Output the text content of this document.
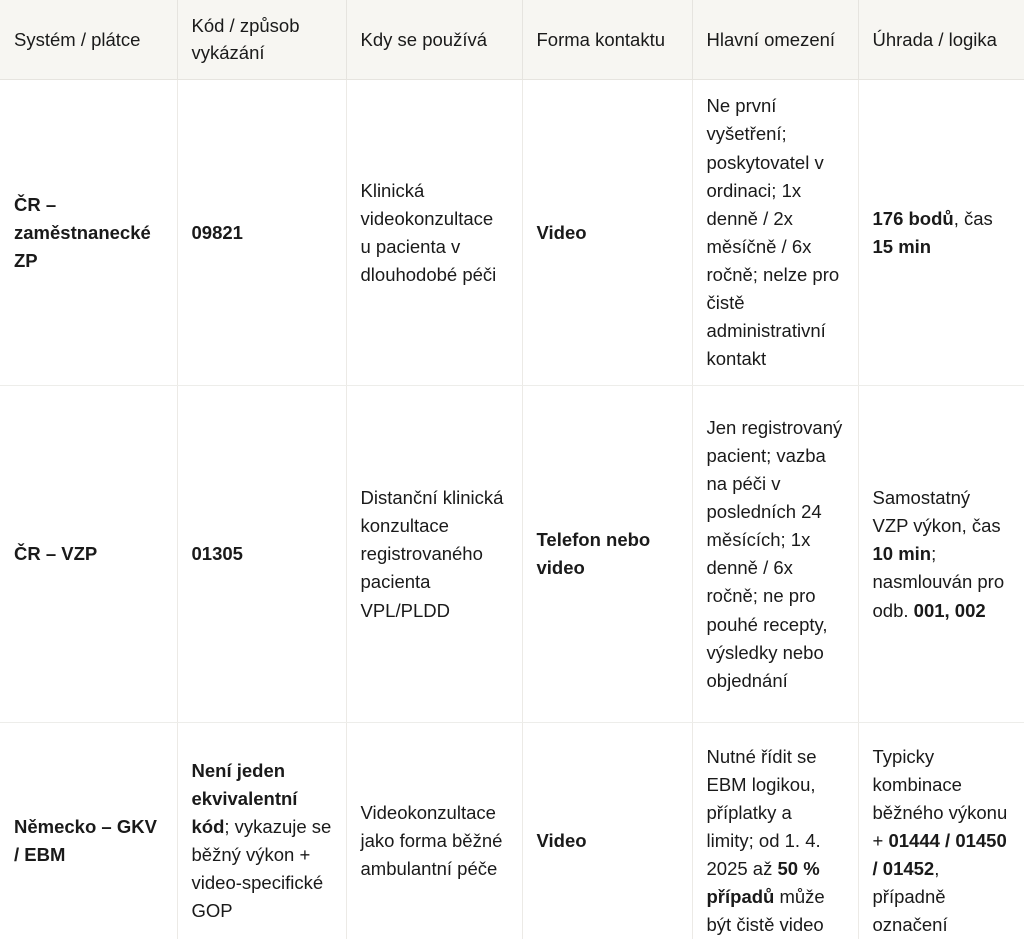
Systém / plátce	Kód / způsob vykázání	Kdy se používá	Forma kontaktu	Hlavní omezení	Úhrada / logika
ČR – zaměstnanecké ZP	09821	Klinická videokonzultace u pacienta v dlouhodobé péči	Video	Ne první vyšetření; poskytovatel v ordinaci; 1x denně / 2x měsíčně / 6x ročně; nelze pro čistě administrativní kontakt	176 bodů, čas 15 min
ČR – VZP	01305	Distanční klinická konzultace registrovaného pacienta VPL/PLDD	Telefon nebo video	Jen registrovaný pacient; vazba na péči v posledních 24 měsících; 1x denně / 6x ročně; ne pro pouhé recepty, výsledky nebo objednání	Samostatný VZP výkon, čas 10 min; nasmlouván pro odb. 001, 002
Německo – GKV / EBM	Není jeden ekvivalentní kód; vykazuje se běžný výkon + video-specifické GOP	Videokonzultace jako forma běžné ambulantní péče	Video	Nutné řídit se EBM logikou, příplatky a limity; od 1. 4. 2025 až 50 % případů může být čistě video	Typicky kombinace běžného výkonu + 01444 / 01450 / 01452, případně označení
